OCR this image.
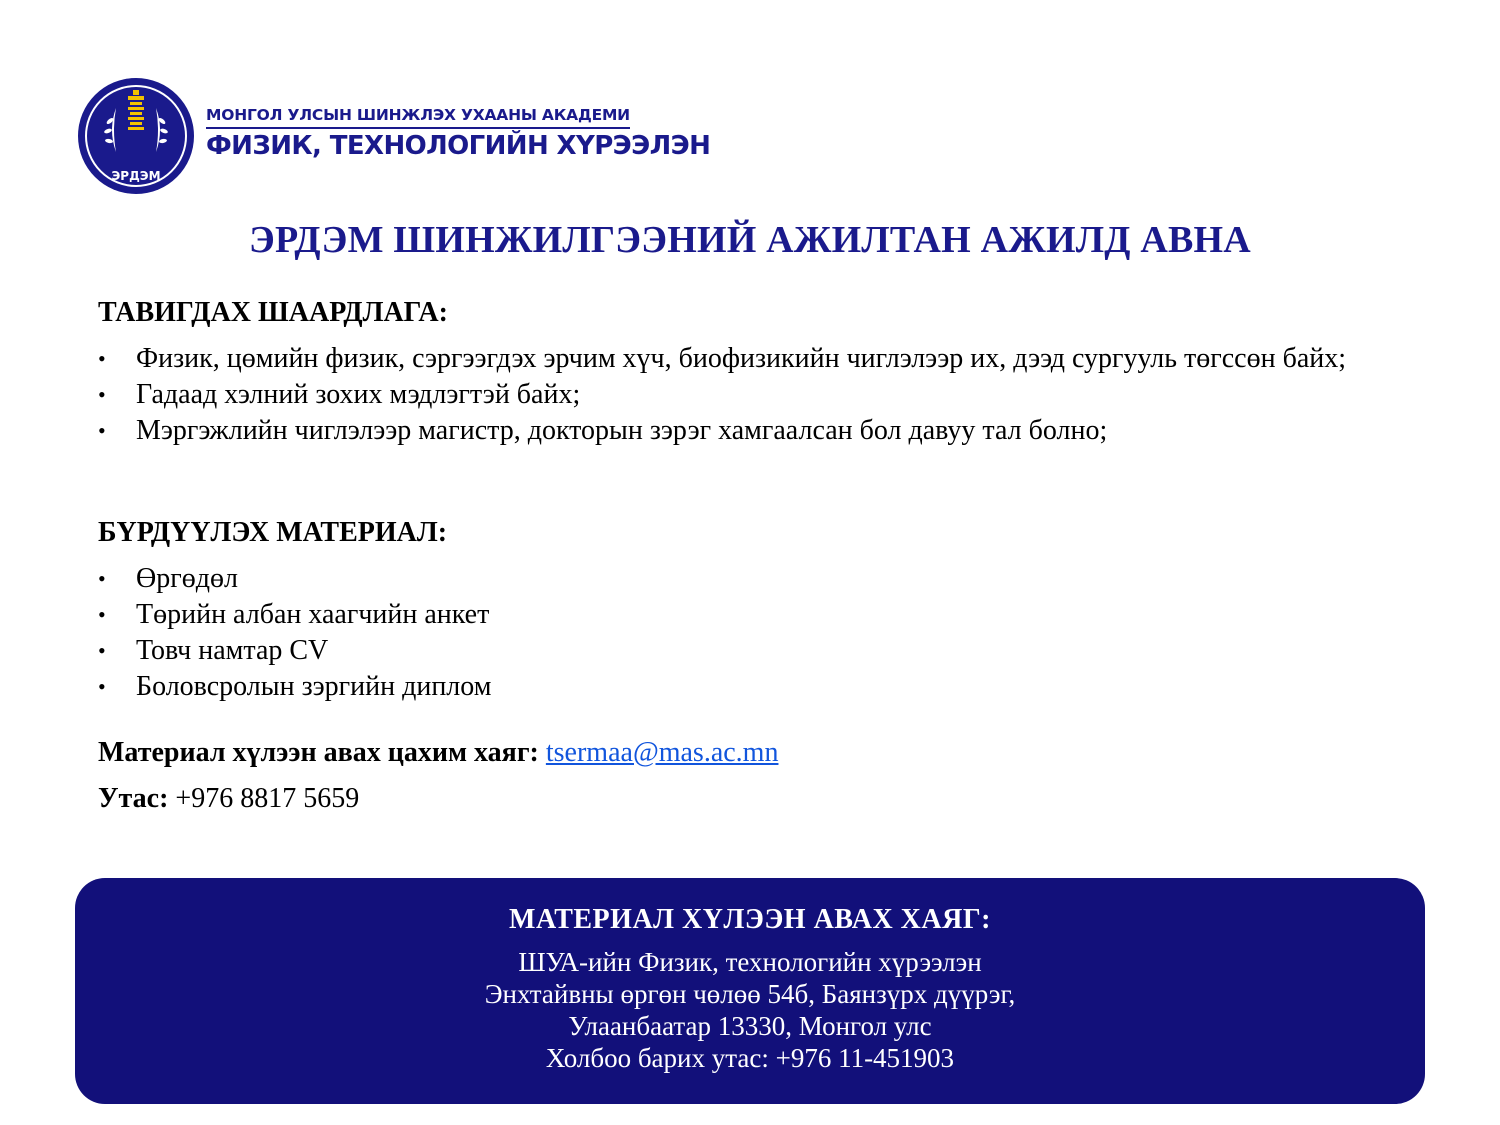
ЭРДЭМ
МОНГОЛ УЛСЫН ШИНЖЛЭХ УХААНЫ АКАДЕМИ
ФИЗИК, ТЕХНОЛОГИЙН ХҮРЭЭЛЭН
ЭРДЭМ ШИНЖИЛГЭЭНИЙ АЖИЛТАН АЖИЛД АВНА
ТАВИГДАХ ШААРДЛАГА:
• Физик, цөмийн физик, сэргээгдэх эрчим хүч, биофизикийн чиглэлээр их, дээд сургууль төгссөн байх;
• Гадаад хэлний зохих мэдлэгтэй байх;
• Мэргэжлийн чиглэлээр магистр, докторын зэрэг хамгаалсан бол давуу тал болно;
БҮРДҮҮЛЭХ МАТЕРИАЛ:
• Өргөдөл
• Төрийн албан хаагчийн анкет
• Товч намтар CV
• Боловсролын зэргийн диплом
Материал хүлээн авах цахим хаяг: tsermaa@mas.ac.mn
Утас: +976 8817 5659
МАТЕРИАЛ ХҮЛЭЭН АВАХ ХАЯГ:
ШУА-ийн Физик, технологийн хүрээлэн
Энхтайвны өргөн чөлөө 54б, Баянзүрх дүүрэг,
Улаанбаатар 13330, Монгол улс
Холбоо барих утас: +976 11-451903
